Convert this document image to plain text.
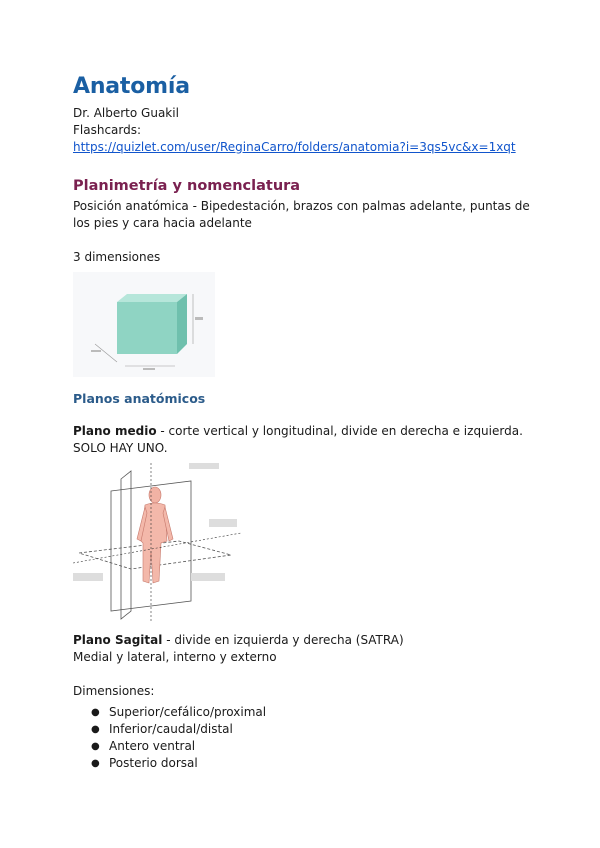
Anatomía

Dr. Alberto Guakil

Flashcards:

https://quizlet.com/user/ReginaCarro/folders/anatomia?i=3qs5vc&x=1xqt
Planimetría y nomenclatura

Posición anatómica - Bipedestación, brazos con palmas adelante, puntas de los pies y cara hacia adelante

3 dimensiones

Planos anatómicos

Plano medio - corte vertical y longitudinal, divide en derecha e izquierda.

SOLO HAY UNO.

Plano Sagital - divide en izquierda y derecha (SATRA)

Medial y lateral, interno y externo

Dimensiones:

● Superior/cefálico/proximal
● Inferior/caudal/distal
● Antero ventral
● Posterio dorsal
